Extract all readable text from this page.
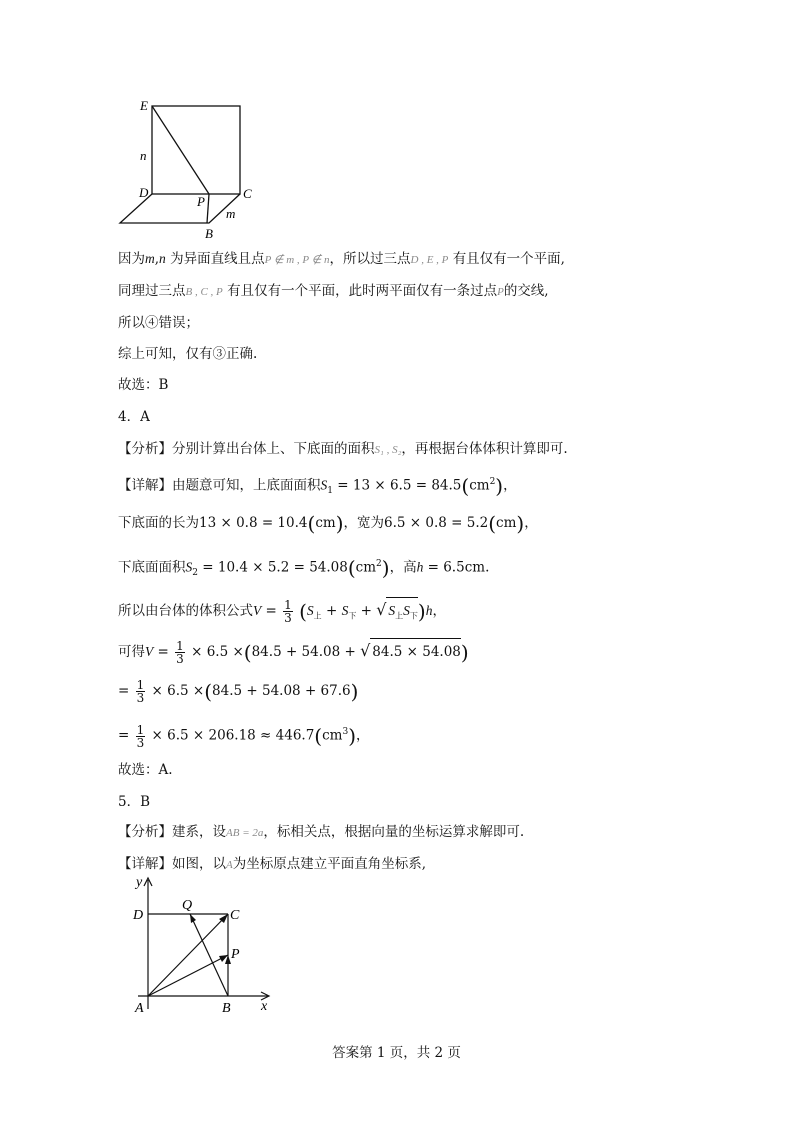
E
n
D
P
C
m
B
因为m,n 为异面直线且点P ∉ m , P ∉ n，所以过三点D , E , P 有且仅有一个平面,
同理过三点B , C , P 有且仅有一个平面，此时两平面仅有一条过点P的交线,
所以④错误；
综上可知，仅有③正确.
故选：B
4．A
【分析】分别计算出台体上、下底面的面积S₁ , S₂，再根据台体体积计算即可.
【详解】由题意可知，上底面面积$S_1 = 13 \times 6.5 = 84.5(cm^2)$，
下底面的长为13 × 0.8 = 10.4(cm)，宽为6.5 × 0.8 = 5.2(cm)，
下底面面积$S_2 = 10.4 \times 5.2 = 54.08(cm^2)$，高h = 6.5cm.
所以由台体的体积公式$V = \frac{1}{3} (S_上 + S_下$ + √ $S_上S_下)h$，
可得$V = \frac{1}{3} \times 6.5 \times(84.5 + 54.08$ + √ 84.5 × 54.08)
= $\frac{1}{3} \times 6.5 \times(84.5 + 54.08 + 67.6)$
= $\frac{1}{3} \times 6.5 \times 206.18 \approx 446.7(cm^3)$，
故选：A.
5．B
【分析】建系，设AB = 2a，标相关点，根据向量的坐标运算求解即可.
【详解】如图，以A为坐标原点建立平面直角坐标系,
y
x
D
Q
C
P
A	B
答案第 1 页，共 2 页
